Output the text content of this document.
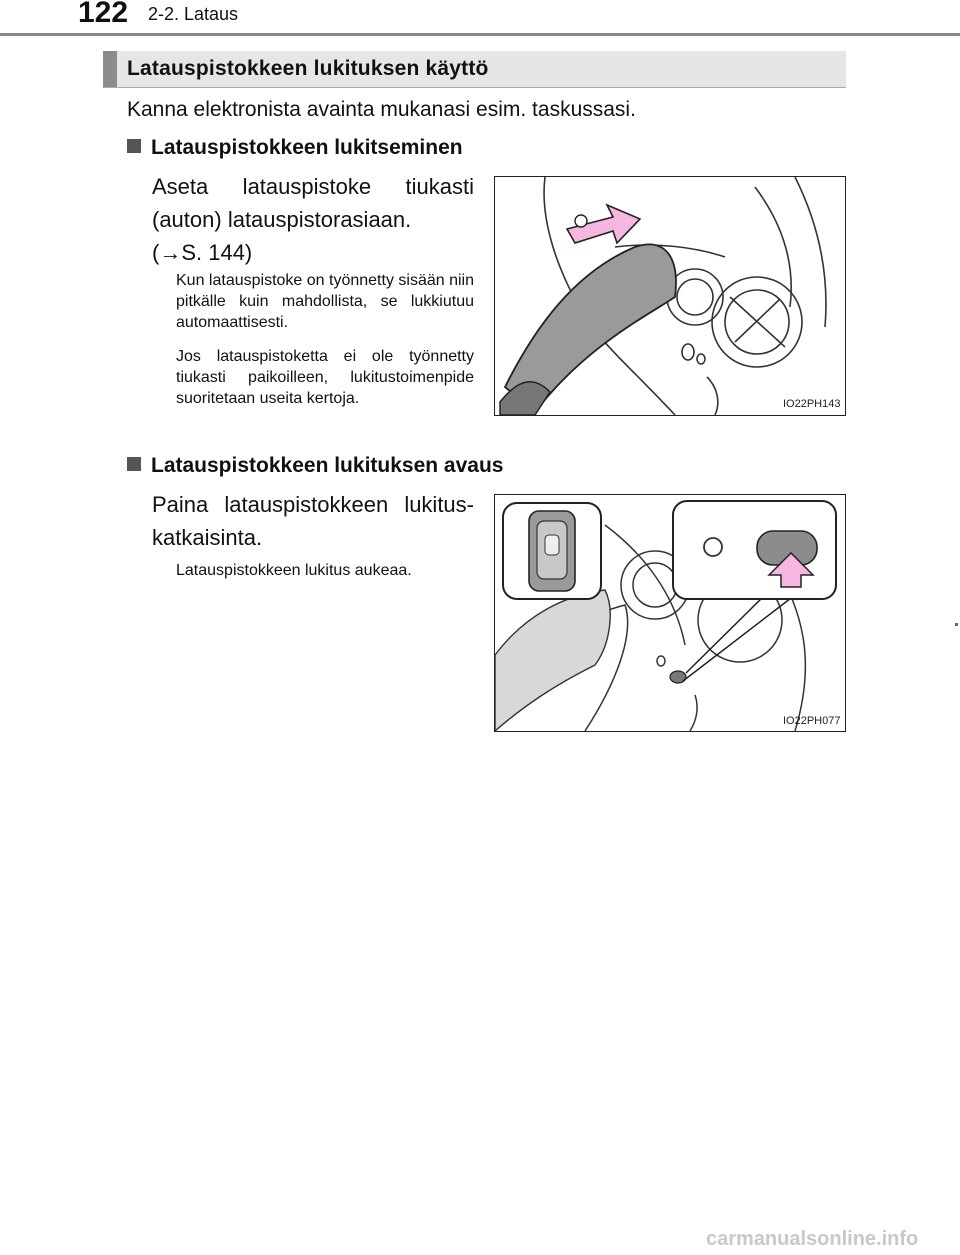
122 2-2. Lataus
Latauspistokkeen lukituksen käyttö
Kanna elektronista avainta mukanasi esim. taskussasi.
Latauspistokkeen lukitseminen
Aseta latauspistoke tiukasti
(auton) latauspistorasiaan.
(→S. 144)
Kun latauspistoke on työnnetty sisään niin pitkälle kuin mahdollista, se lukkiutuu automaattisesti.
Jos latauspistoketta ei ole työnnetty tiukasti paikoilleen, lukitustoimenpide suoritetaan useita kertoja.	IO22PH143
Latauspistokkeen lukituksen avaus
Paina latauspistokkeen lukitus-katkaisinta.
Latauspistokkeen lukitus aukeaa.
IO22PH077
carmanualsonline.info
